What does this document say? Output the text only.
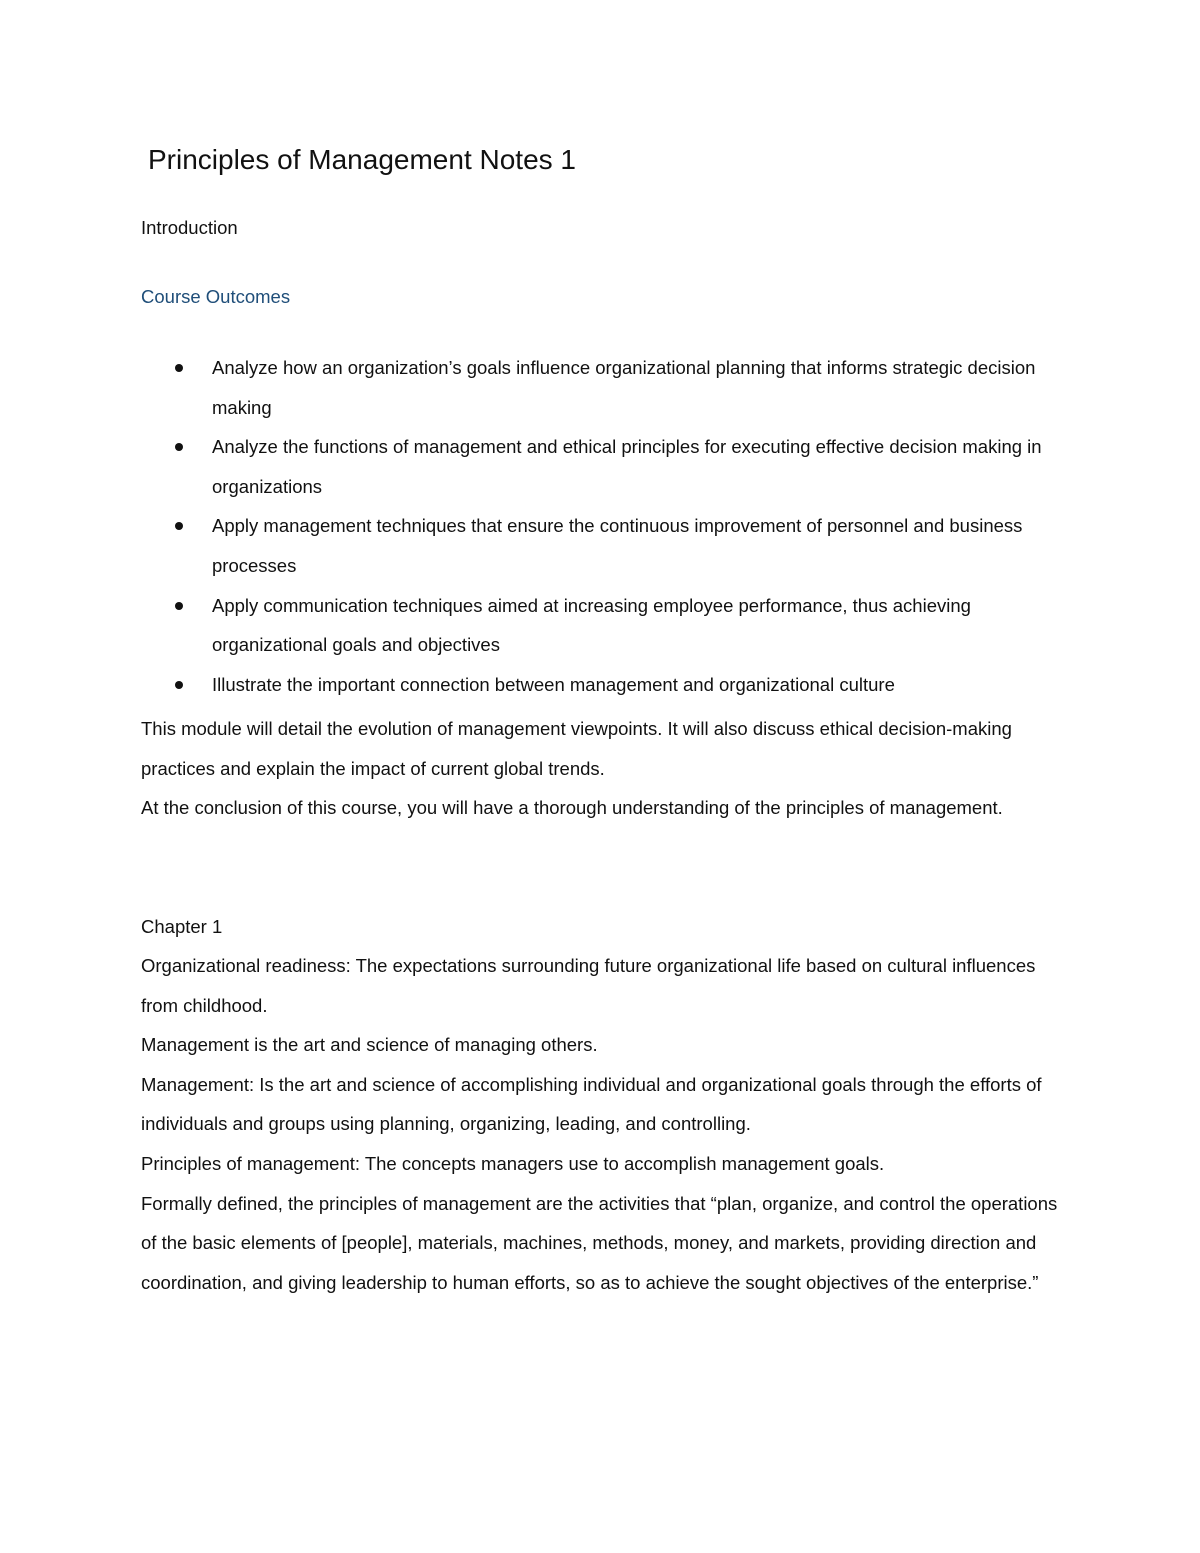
Principles of Management Notes 1
Introduction
Course Outcomes
Analyze how an organization’s goals influence organizational planning that informs strategic decision making
Analyze the functions of management and ethical principles for executing effective decision making in organizations
Apply management techniques that ensure the continuous improvement of personnel and business processes
Apply communication techniques aimed at increasing employee performance, thus achieving organizational goals and objectives
Illustrate the important connection between management and organizational culture

This module will detail the evolution of management viewpoints. It will also discuss ethical decision-making practices and explain the impact of current global trends.

At the conclusion of this course, you will have a thorough understanding of the principles of management.

Chapter 1

Organizational readiness: The expectations surrounding future organizational life based on cultural influences from childhood.

Management is the art and science of managing others.

Management: Is the art and science of accomplishing individual and organizational goals through the efforts of individuals and groups using planning, organizing, leading, and controlling.

Principles of management: The concepts managers use to accomplish management goals.

Formally defined, the principles of management are the activities that “plan, organize, and control the operations of the basic elements of [people], materials, machines, methods, money, and markets, providing direction and coordination, and giving leadership to human efforts, so as to achieve the sought objectives of the enterprise.”
